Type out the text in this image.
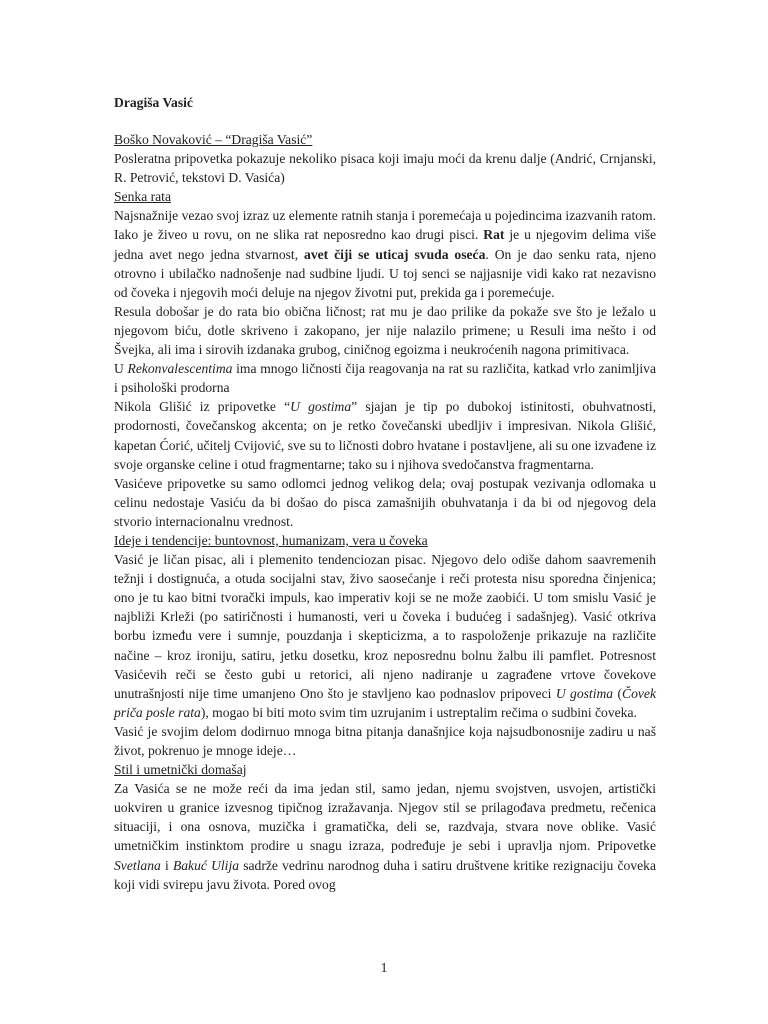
Dragiša Vasić

Boško Novaković – “Dragiša Vasić”

Posleratna pripovetka pokazuje nekoliko pisaca koji imaju moći da krenu dalje (Andrić, Crnjanski, R. Petrović, tekstovi D. Vasića)

Senka rata

Najsnažnije vezao svoj izraz uz elemente ratnih stanja i poremećaja u pojedincima izazvanih ratom. Iako je živeo u rovu, on ne slika rat neposredno kao drugi pisci. Rat je u njegovim delima više jedna avet nego jedna stvarnost, avet čiji se uticaj svuda oseća. On je dao senku rata, njeno otrovno i ubilačko nadnošenje nad sudbine ljudi. U toj senci se najjasnije vidi kako rat nezavisno od čoveka i njegovih moći deluje na njegov životni put, prekida ga i poremećuje.

Resula dobošar je do rata bio obična ličnost; rat mu je dao prilike da pokaže sve što je ležalo u njegovom biću, dotle skriveno i zakopano, jer nije nalazilo primene; u Resuli ima nešto i od Švejka, ali ima i sirovih izdanaka grubog, ciničnog egoizma i neukroćenih nagona primitivaca.

U Rekonvalescentima ima mnogo ličnosti čija reagovanja na rat su različita, katkad vrlo zanimljiva i psihološki prodorna

Nikola Glišić iz pripovetke “U gostima” sjajan je tip po dubokoj istinitosti, obuhvatnosti, prodornosti, čovečanskog akcenta; on je retko čovečanski ubedljiv i impresivan. Nikola Glišić, kapetan Ćorić, učitelj Cvijović, sve su to ličnosti dobro hvatane i postavljene, ali su one izvađene iz svoje organske celine i otud fragmentarne; tako su i njihova svedočanstva fragmentarna.

Vasićeve pripovetke su samo odlomci jednog velikog dela; ovaj postupak vezivanja odlomaka u celinu nedostaje Vasiću da bi došao do pisca zamašnijih obuhvatanja i da bi od njegovog dela stvorio internacionalnu vrednost.

Ideje i tendencije: buntovnost, humanizam, vera u čoveka

Vasić je ličan pisac, ali i plemenito tendenciozan pisac. Njegovo delo odiše dahom saavremenih težnji i dostignuća, a otuda socijalni stav, živo saosećanje i reči protesta nisu sporedna činjenica; ono je tu kao bitni tvorački impuls, kao imperativ koji se ne može zaobići. U tom smislu Vasić je najbliži Krleži (po satiričnosti i humanosti, veri u čoveka i budućeg i sadašnjeg). Vasić otkriva borbu između vere i sumnje, pouzdanja i skepticizma, a to raspoloženje prikazuje na različite načine – kroz ironiju, satiru, jetku dosetku, kroz neposrednu bolnu žalbu ili pamflet. Potresnost Vasićevih reči se često gubi u retorici, ali njeno nadiranje u zagrađene vrtove čovekove unutrašnjosti nije time umanjeno Ono što je stavljeno kao podnaslov pripoveci U gostima (Čovek priča posle rata), mogao bi biti moto svim tim uzrujanim i ustreptalim rečima o sudbini čoveka.

Vasić je svojim delom dodirnuo mnoga bitna pitanja današnjice koja najsudbonosnije zadiru u naš život, pokrenuo je mnoge ideje…

Stil i umetnički domašaj

Za Vasića se ne može reći da ima jedan stil, samo jedan, njemu svojstven, usvojen, artistički uokviren u granice izvesnog tipičnog izražavanja. Njegov stil se prilagođava predmetu, rečenica situaciji, i ona osnova, muzička i gramatička, deli se, razdvaja, stvara nove oblike. Vasić umetničkim instinktom prodire u snagu izraza, podređuje je sebi i upravlja njom. Pripovetke Svetlana i Bakuć Ulija sadrže vedrinu narodnog duha i satiru društvene kritike rezignaciju čoveka koji vidi svirepu javu života. Pored ovog

1
